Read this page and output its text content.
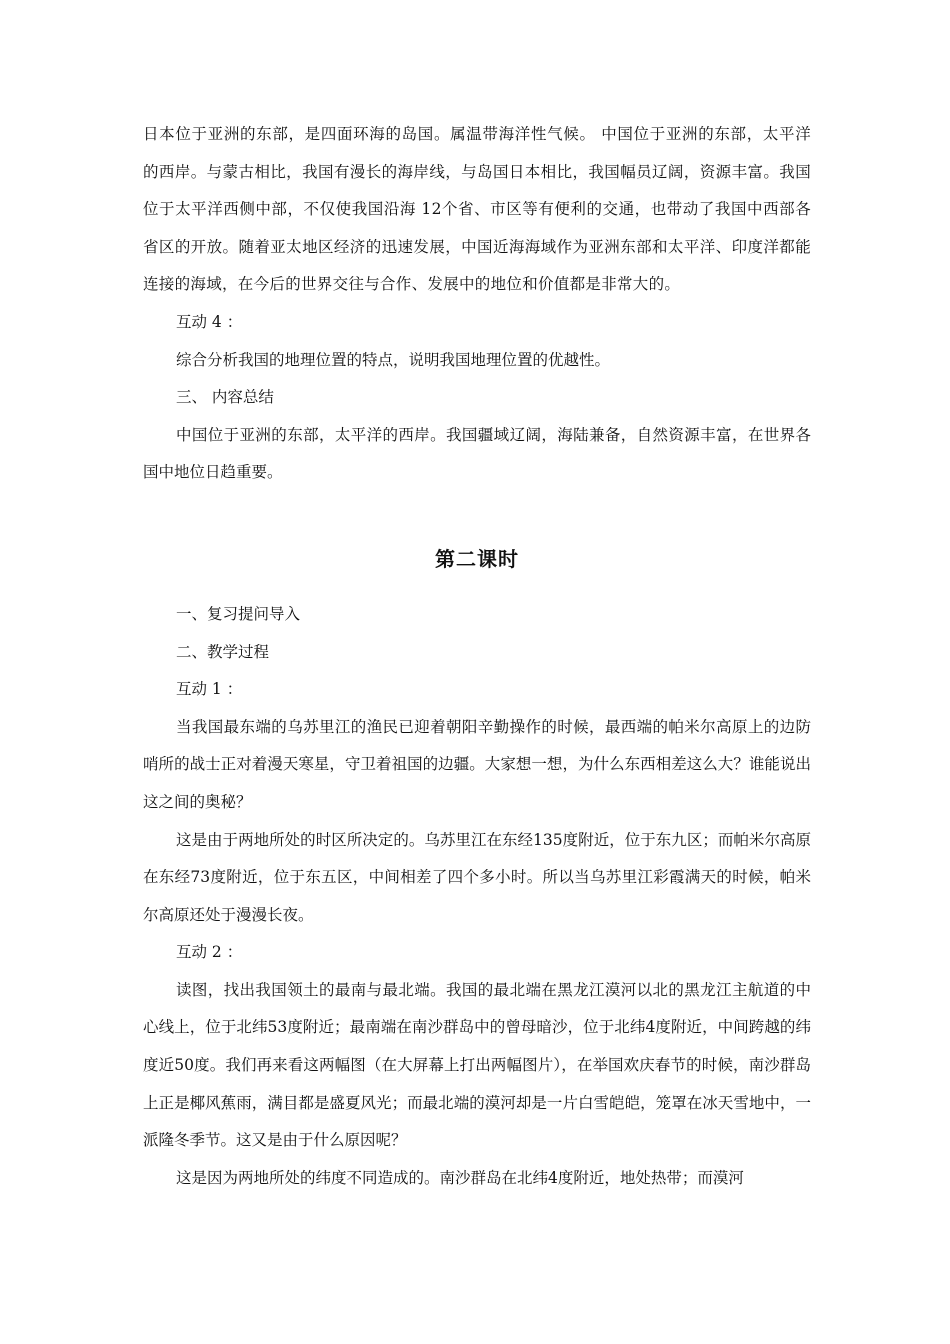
日本位于亚洲的东部，是四面环海的岛国。属温带海洋性气候。 中国位于亚洲的东部，太平洋的西岸。与蒙古相比，我国有漫长的海岸线，与岛国日本相比，我国幅员辽阔，资源丰富。我国位于太平洋西侧中部，不仅使我国沿海 12个省、市区等有便利的交通，也带动了我国中西部各省区的开放。随着亚太地区经济的迅速发展，中国近海海域作为亚洲东部和太平洋、印度洋都能连接的海域，在今后的世界交往与合作、发展中的地位和价值都是非常大的。

互动 4 ：

综合分析我国的地理位置的特点，说明我国地理位置的优越性。

三、 内容总结

中国位于亚洲的东部，太平洋的西岸。我国疆域辽阔，海陆兼备，自然资源丰富，在世界各国中地位日趋重要。

第二课时

一、复习提问导入

二、教学过程

互动 1 ：

当我国最东端的乌苏里江的渔民已迎着朝阳辛勤操作的时候，最西端的帕米尔高原上的边防哨所的战士正对着漫天寒星，守卫着祖国的边疆。大家想一想，为什么东西相差这么大？谁能说出这之间的奥秘？

这是由于两地所处的时区所决定的。乌苏里江在东经135度附近，位于东九区；而帕米尔高原在东经73度附近，位于东五区，中间相差了四个多小时。所以当乌苏里江彩霞满天的时候，帕米尔高原还处于漫漫长夜。

互动 2 ：

读图，找出我国领土的最南与最北端。我国的最北端在黑龙江漠河以北的黑龙江主航道的中心线上，位于北纬53度附近；最南端在南沙群岛中的曾母暗沙，位于北纬4度附近，中间跨越的纬度近50度。我们再来看这两幅图（在大屏幕上打出两幅图片），在举国欢庆春节的时候，南沙群岛上正是椰风蕉雨，满目都是盛夏风光；而最北端的漠河却是一片白雪皑皑，笼罩在冰天雪地中，一派隆冬季节。这又是由于什么原因呢？

这是因为两地所处的纬度不同造成的。南沙群岛在北纬4度附近，地处热带；而漠河
